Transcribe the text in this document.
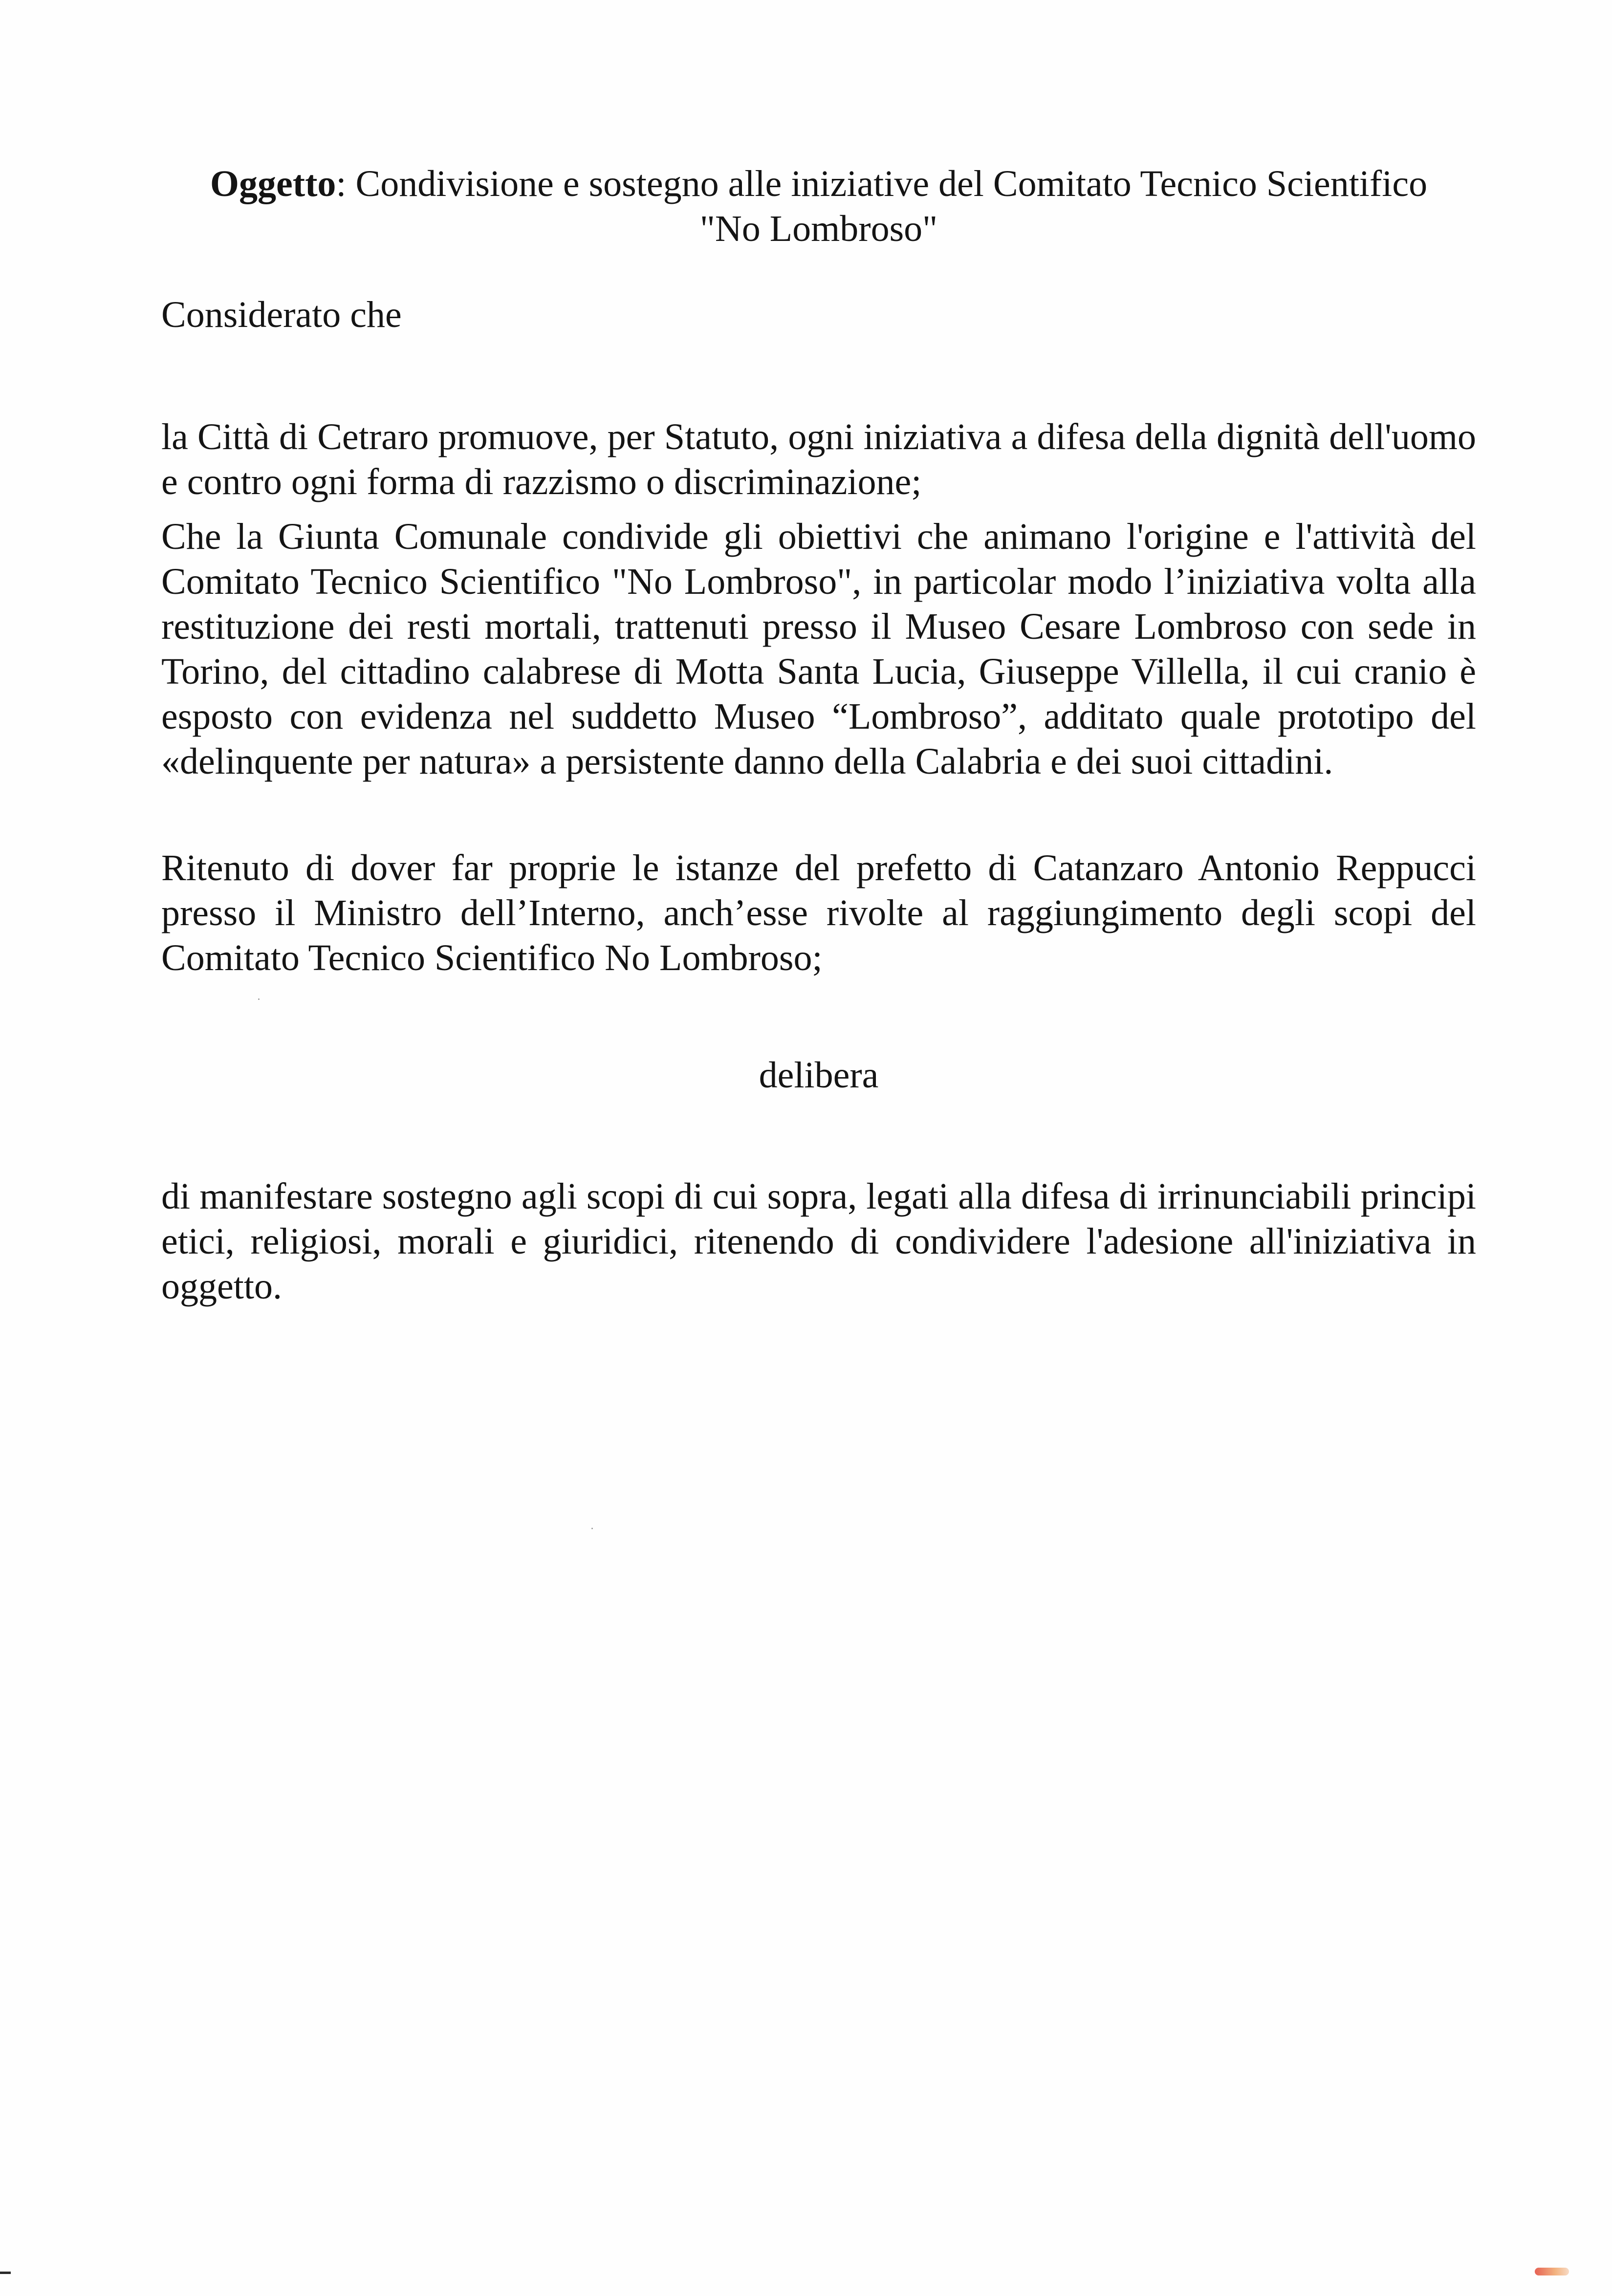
Oggetto: Condivisione e sostegno alle iniziative del Comitato Tecnico Scientifico
"No Lombroso"
Considerato che
la Città di Cetraro promuove, per Statuto, ogni iniziativa a difesa della dignità dell'uomo e contro ogni forma di razzismo o discriminazione;
Che la Giunta Comunale condivide gli obiettivi che animano l'origine e l'attività del Comitato Tecnico Scientifico "No Lombroso", in particolar modo l’iniziativa volta alla restituzione dei resti mortali, trattenuti presso il Museo Cesare Lombroso con sede in Torino, del cittadino calabrese di Motta Santa Lucia, Giuseppe Villella, il cui cranio è esposto con evidenza nel suddetto Museo “Lombroso”, additato quale prototipo del «delinquente per natura» a persistente danno della Calabria e dei suoi cittadini.
Ritenuto di dover far proprie le istanze del prefetto di Catanzaro Antonio Reppucci presso il Ministro dell’Interno, anch’esse rivolte al raggiungimento degli scopi del Comitato Tecnico Scientifico No Lombroso;
delibera
di manifestare sostegno agli scopi di cui sopra, legati alla difesa di irrinunciabili principi etici, religiosi, morali e giuridici, ritenendo di condividere l'adesione all'iniziativa in oggetto.
